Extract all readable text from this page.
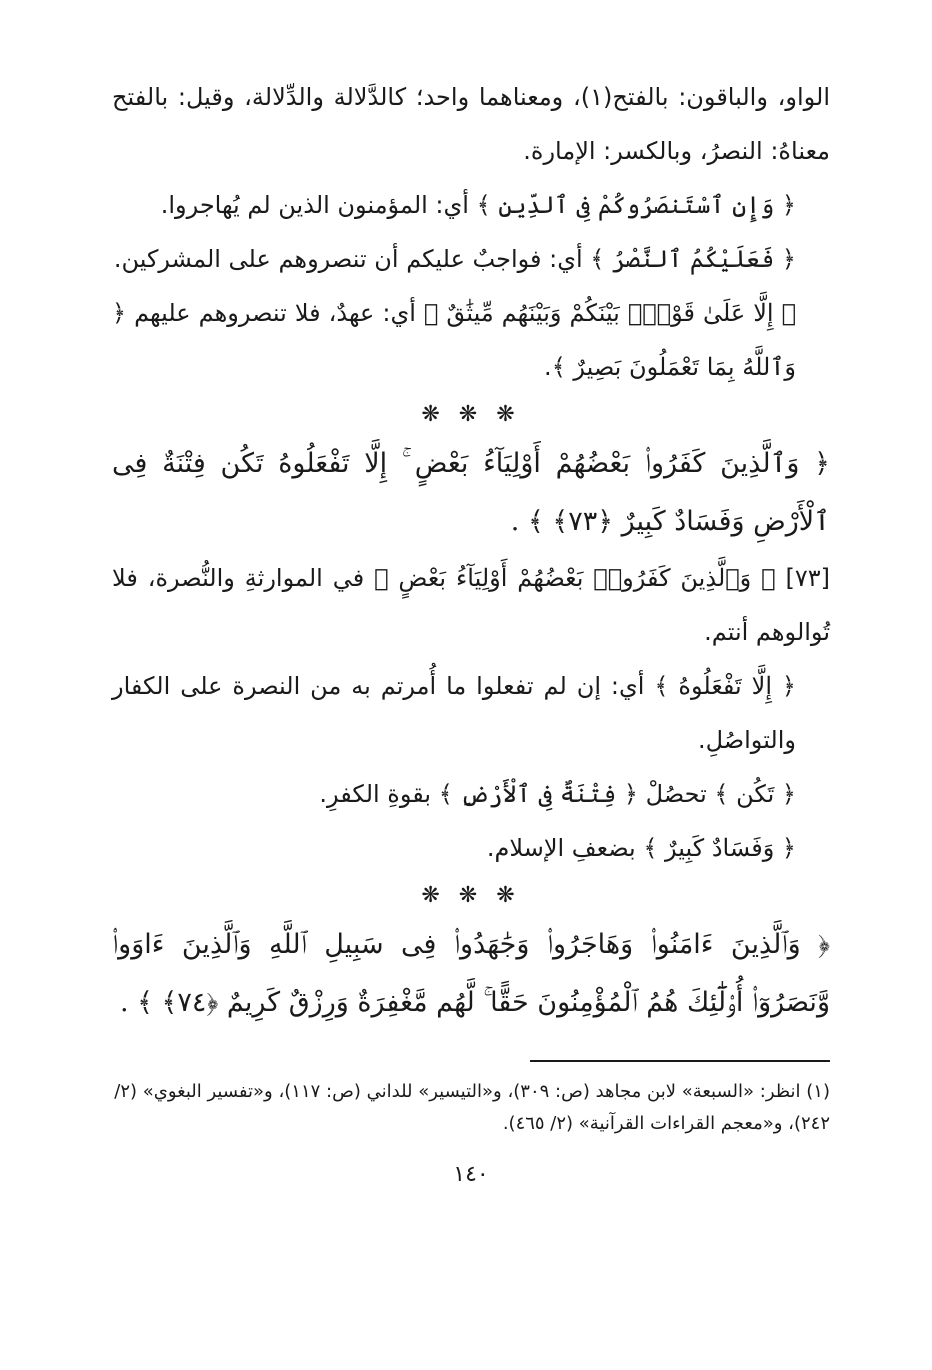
الواو، والباقون: بالفتح(١)، ومعناهما واحد؛ كالدَّلالة والدِّلالة، وقيل: بالفتح معناهُ: النصرُ، وبالكسر: الإمارة.

﴿ وَإِنِ ٱسْتَنصَرُوكُمْ فِى ٱلدِّينِ ﴾ أي: المؤمنون الذين لم يُهاجروا.

﴿ فَعَلَيْكُمُ ٱلنَّصْرُ ﴾ أي: فواجبٌ عليكم أن تنصروهم على المشركين.

﴿ إِلَّا عَلَىٰ قَوْمٍۭ بَيْنَكُمْ وَبَيْنَهُم مِّيثَٰقٌ ﴾ أي: عهدٌ، فلا تنصروهم عليهم ﴿ وَٱللَّهُ بِمَا تَعْمَلُونَ بَصِيرٌ ﴾.

❋ ❋ ❋

﴿ وَٱلَّذِينَ كَفَرُوا۟ بَعْضُهُمْ أَوْلِيَآءُ بَعْضٍ ۚ إِلَّا تَفْعَلُوهُ تَكُن فِتْنَةٌ فِى ٱلْأَرْضِ وَفَسَادٌ كَبِيرٌ ﴿٧٣﴾ ﴾ .

[٧٣] ﴿ وَٱلَّذِينَ كَفَرُوا۟ بَعْضُهُمْ أَوْلِيَآءُ بَعْضٍ ﴾ في الموارثةِ والنُّصرة، فلا تُوالوهم أنتم.

﴿ إِلَّا تَفْعَلُوهُ ﴾ أي: إن لم تفعلوا ما أُمرتم به من النصرة على الكفار والتواصُلِ.

﴿ تَكُن ﴾ تحصُلْ ﴿ فِتْنَةٌ فِى ٱلْأَرْضِ ﴾ بقوةِ الكفرِ.

﴿ وَفَسَادٌ كَبِيرٌ ﴾ بضعفِ الإسلام.

❋ ❋ ❋

﴿ وَٱلَّذِينَ ءَامَنُوا۟ وَهَاجَرُوا۟ وَجَٰهَدُوا۟ فِى سَبِيلِ ٱللَّهِ وَٱلَّذِينَ ءَاوَوا۟ وَّنَصَرُوٓا۟ أُو۟لَٰٓئِكَ هُمُ ٱلْمُؤْمِنُونَ حَقًّا ۚ لَّهُم مَّغْفِرَةٌ وَرِزْقٌ كَرِيمٌ ﴿٧٤﴾ ﴾ .

(١) انظر: «السبعة» لابن مجاهد (ص: ٣٠٩)، و«التيسير» للداني (ص: ١١٧)، و«تفسير البغوي» (٢/ ٢٤٢)، و«معجم القراءات القرآنية» (٢/ ٤٦٥).

١٤٠
